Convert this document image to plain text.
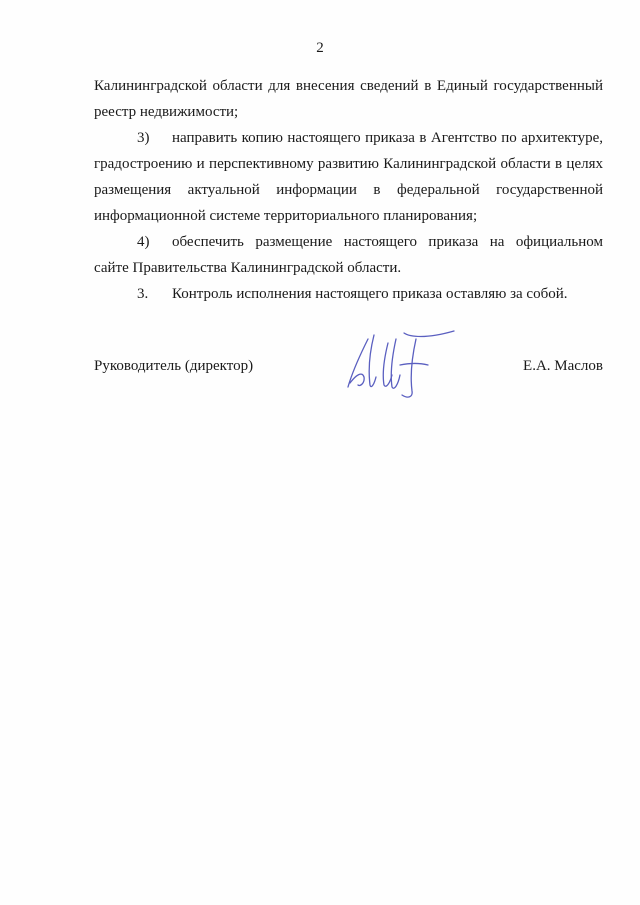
2

Калининградской области для внесения сведений в Единый государственный

реестр недвижимости;

3)	направить копию настоящего приказа в Агентство по архитектуре,

градостроению и перспективному развитию Калининградской области в целях

размещения актуальной информации в федеральной государственной

информационной системе территориального планирования;

4)	обеспечить размещение настоящего приказа на официальном

сайте Правительства Калининградской области.

3.	Контроль исполнения настоящего приказа оставляю за собой.
Руководитель (директор)	Е.А. Маслов
